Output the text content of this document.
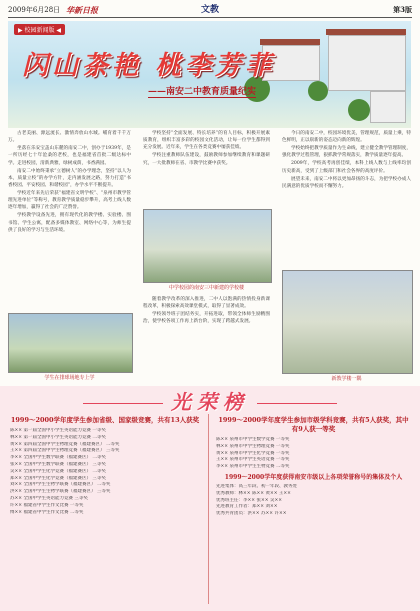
2009年6月28日 华新日报	文教	第3版
▶ 校园新闻版 ◀
闪山茶艳 桃李芳菲
——南安二中教育质量纪实

古老美丽、源远流长、激情奔放山水城。哺育着千千万万。

坐落在乐安宝盖山东麓的南安二中，创办于1939年，是一所历经七十年沧桑的老校，也是福建省首批二级达标中学。走进校园，清新典雅，绿树成荫，书香满园。

南安二中始终秉承“立德树人”的办学理念，坚持“以人为本，质量立校”的办学方针，走内涵发展之路，努力打造“书香校园、平安校园、和谐校园”，办学水平不断提升。

学校近年来先后荣获“福建省文明学校”、“泉州市教学管理先进单位”等称号，教育教学质量稳步攀升，高考上线人数逐年增加，赢得了社会的广泛赞誉。

学校教学设备先进，拥有现代化的教学楼、实验楼、图书馆、学生公寓，配备多媒体教室、网络中心等，为师生提供了良好的学习与生活环境。

学校坚持“全面发展、特长培养”的育人目标，积极开展素质教育，组织丰富多彩的校园文化活动，让每一位学生都得到充分发展。近年来，学生在各类竞赛中屡获佳绩。

学校注重教师队伍建设，鼓励教师参加继续教育和课题研究，一大批教师在省、市教学比赛中获奖。

中学校园的南安三中新建的学校楼

随着教学改革的深入推进，二中人以饱满的热情投身新课程改革，积极探索高效课堂模式，取得了显著成效。

学校领导班子团结务实，开拓进取，带领全体师生励精图治，使学校各项工作再上新台阶，实现了跨越式发展。

今日的南安二中，校园环境优美，管理规范，质量上乘，特色鲜明，正以崭新的姿态迈向新的辉煌。

学校始终把教学质量作为生命线，建立健全教学管理制度，强化教学过程管理，狠抓教学常规落实，教学质量逐年提高。

2009年，学校高考再创佳绩，本科上线人数与上线率均创历史新高，受到了上级部门和社会各界的高度评价。

展望未来，南安二中将以更加昂扬的斗志，为把学校办成人民满意的优质学校而不懈努力。

学生在排球场地专上学	新教学楼一隅
光荣榜
1999～2000学年度学生参加省级、国家级竞赛，共有13人获奖
陈×× 第一届全国中小学生英语能力竞赛 一等奖
林×× 第一届全国中小学生英语能力竞赛 二等奖
黄×× 第四届全国中学生物理竞赛（福建赛区） 二等奖
王×× 第四届全国中学生物理竞赛（福建赛区） 三等奖
李×× 全国中学生数学联赛（福建赛区） 二等奖
张×× 全国中学生数学联赛（福建赛区） 三等奖
吴×× 全国中学生化学竞赛（福建赛区） 二等奖
郑×× 全国中学生化学竞赛（福建赛区） 三等奖
刘×× 全国中学生生物学联赛（福建赛区） 二等奖
洪×× 全国中学生生物学联赛（福建赛区） 三等奖
苏×× 全国中学生英语能力竞赛 三等奖
许×× 福建省中学生作文比赛 一等奖
傅×× 福建省中学生作文比赛 二等奖
1999～2000学年度学生参加市级学科竞赛，共有5人获奖，其中有9人获一等奖
陈×× 泉州市中学生数学竞赛 一等奖
林×× 泉州市中学生物理竞赛 一等奖
黄×× 泉州市中学生化学竞赛 一等奖
王×× 泉州市中学生英语竞赛 一等奖
李×× 泉州市中学生生物竞赛 二等奖
1999～2000学年度获得南安市级以上各项荣誉称号的集体及个人
先进集体：高三年段、初一年段、教务处
优秀教师：林×× 陈×× 黄×× 王××
优秀班主任：李×× 张×× 吴××
先进教育工作者：郑×× 刘××
优秀共青团员：洪×× 苏×× 许××
